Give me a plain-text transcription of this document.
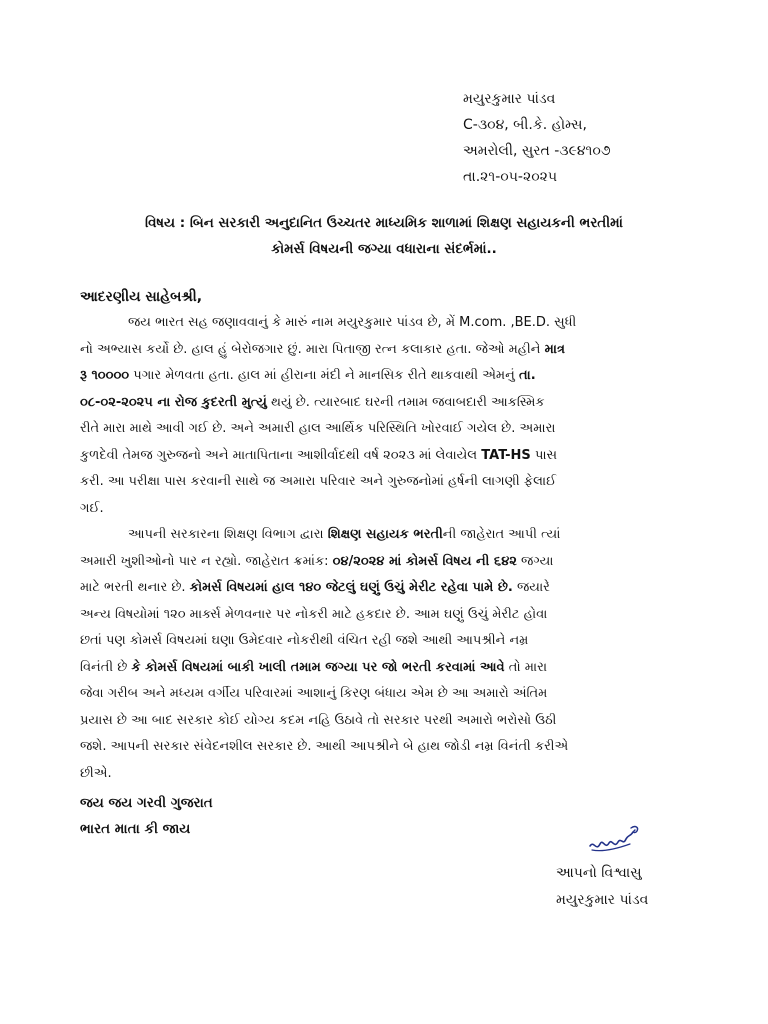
મયુરકુમાર પાંડવ
C-૩૦૪, બી.કે. હોમ્સ,
અમરોલી, સુરત -૩૯૪૧૦૭
તા.૨૧-૦૫-૨૦૨૫
વિષય : બિન સરકારી અનુદાનિત ઉચ્ચતર માધ્યમિક શાળામાં શિક્ષણ સહાયકની ભરતીમાં
કોમર્સ વિષયની જગ્યા વધારાના સંદર્ભમાં..
આદરણીય સાહેબશ્રી,
જય ભારત સહ જણાવવાનું કે મારું નામ મયુરકુમાર પાંડવ છે, મેં M.com. ,BE.D. સુધી
નો અભ્યાસ કર્યો છે. હાલ હું બેરોજગાર છું. મારા પિતાજી રત્ન કલાકાર હતા. જેઓ મહીને માત્ર
રૂ ૧૦૦૦૦ પગાર મેળવતા હતા. હાલ માં હીરાના મંદી ને માનસિક રીતે થાકવાથી એમનું તા.
૦૮-૦૨-૨૦૨૫ ના રોજ કુદરતી મુત્યું થયું છે. ત્યારબાદ ઘરની તમામ જવાબદારી આકસ્મિક
રીતે મારા માથે આવી ગઈ છે. અને અમારી હાલ આર્થિક પરિસ્થિતિ ખોરવાઈ ગયેલ છે. અમારા
કુળદેવી તેમજ ગુરુજનો અને માતાપિતાના આશીર્વાદથી વર્ષ ૨૦૨૩ માં લેવાયેલ TAT-HS પાસ
કરી. આ પરીક્ષા પાસ કરવાની સાથે જ અમારા પરિવાર અને ગુરુજનોમાં હર્ષની લાગણી ફેલાઈ
ગઈ.
આપની સરકારના શિક્ષણ વિભાગ દ્વારા શિક્ષણ સહાયક ભરતીની જાહેરાત આપી ત્યાં
અમારી ખુશીઓનો પાર ન રહ્યો. જાહેરાત ક્રમાંક: ૦૪/૨૦૨૪ માં કોમર્સ વિષય ની ૬૪૨ જગ્યા
માટે ભરતી થનાર છે. કોમર્સ વિષયમાં હાલ ૧૪૦ જેટલું ઘણું ઉચું મેરીટ રહેવા પામે છે. જયારે
અન્ય વિષયોમાં ૧૨૦ માર્ક્સ મેળવનાર પર નોકરી માટે હકદાર છે. આમ ઘણું ઉચું મેરીટ હોવા
છતાં પણ કોમર્સ વિષયમાં ઘણા ઉમેદવાર નોકરીથી વંચિત રહી જશે આથી આપશ્રીને નમ્ર
વિનંતી છે કે કોમર્સ વિષયમાં બાકી ખાલી તમામ જગ્યા પર જો ભરતી કરવામાં આવે તો મારા
જેવા ગરીબ અને મધ્યમ વર્ગીય પરિવારમાં આશાનું કિરણ બંધાય એમ છે આ અમારો અંતિમ
પ્રયાસ છે આ બાદ સરકાર કોઈ યોગ્ય કદમ નહિ ઉઠાવે તો સરકાર પરથી અમારો ભરોસો ઉઠી
જશે. આપની સરકાર સંવેદનશીલ સરકાર છે. આથી આપશ્રીને બે હાથ જોડી નમ્ર વિનંતી કરીએ
છીએ.
જય જય ગરવી ગુજરાત
ભારત માતા કી જાય
આપનો વિશ્વાસુ
મયુરકુમાર પાંડવ
